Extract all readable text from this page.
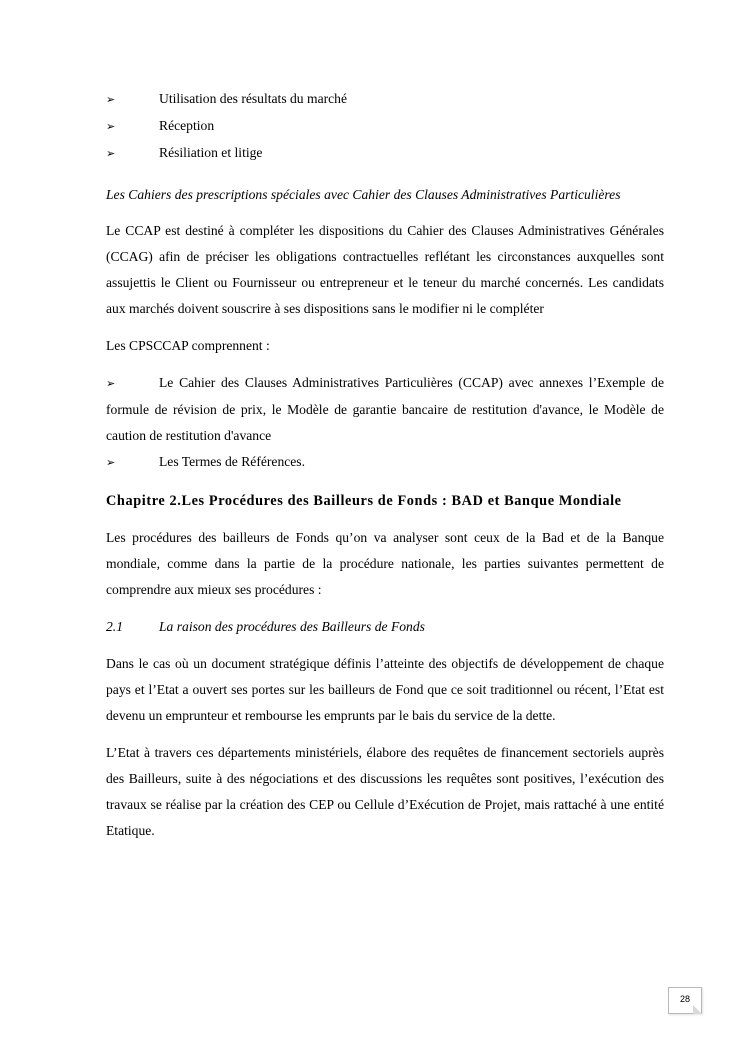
➢	Utilisation des résultats du marché
➢	Réception
➢	Résiliation et litige

Les Cahiers des prescriptions spéciales avec Cahier des Clauses Administratives Particulières

Le CCAP est destiné à compléter les dispositions du Cahier des Clauses Administratives Générales (CCAG) afin de préciser les obligations contractuelles reflétant les circonstances auxquelles sont assujettis le Client ou Fournisseur ou entrepreneur et le teneur du marché concernés. Les candidats aux marchés doivent souscrire à ses dispositions sans le modifier ni le compléter

Les CPSCCAP comprennent :

➢	Le Cahier des Clauses Administratives Particulières (CCAP) avec annexes l’Exemple de formule de révision de prix, le Modèle de garantie bancaire de restitution d'avance, le Modèle de caution de restitution d'avance

➢	Les Termes de Références.
Chapitre 2.Les Procédures des Bailleurs de Fonds : BAD et Banque Mondiale

Les procédures des bailleurs de Fonds qu’on va analyser sont ceux de la Bad et de la Banque mondiale, comme dans la partie de la procédure nationale, les parties suivantes permettent de comprendre aux mieux ses procédures :

2.1	La raison des procédures des Bailleurs de Fonds

Dans le cas où un document stratégique définis l’atteinte des objectifs de développement de chaque pays et l’Etat a ouvert ses portes sur les bailleurs de Fond que ce soit traditionnel ou récent, l’Etat est devenu un emprunteur et rembourse les emprunts par le bais du service de la dette.

L’Etat à travers ces départements ministériels, élabore des requêtes de financement sectoriels auprès des Bailleurs, suite à des négociations et des discussions les requêtes sont positives, l’exécution des travaux se réalise par la création des CEP ou Cellule d’Exécution de Projet, mais rattaché à une entité Etatique.

28
